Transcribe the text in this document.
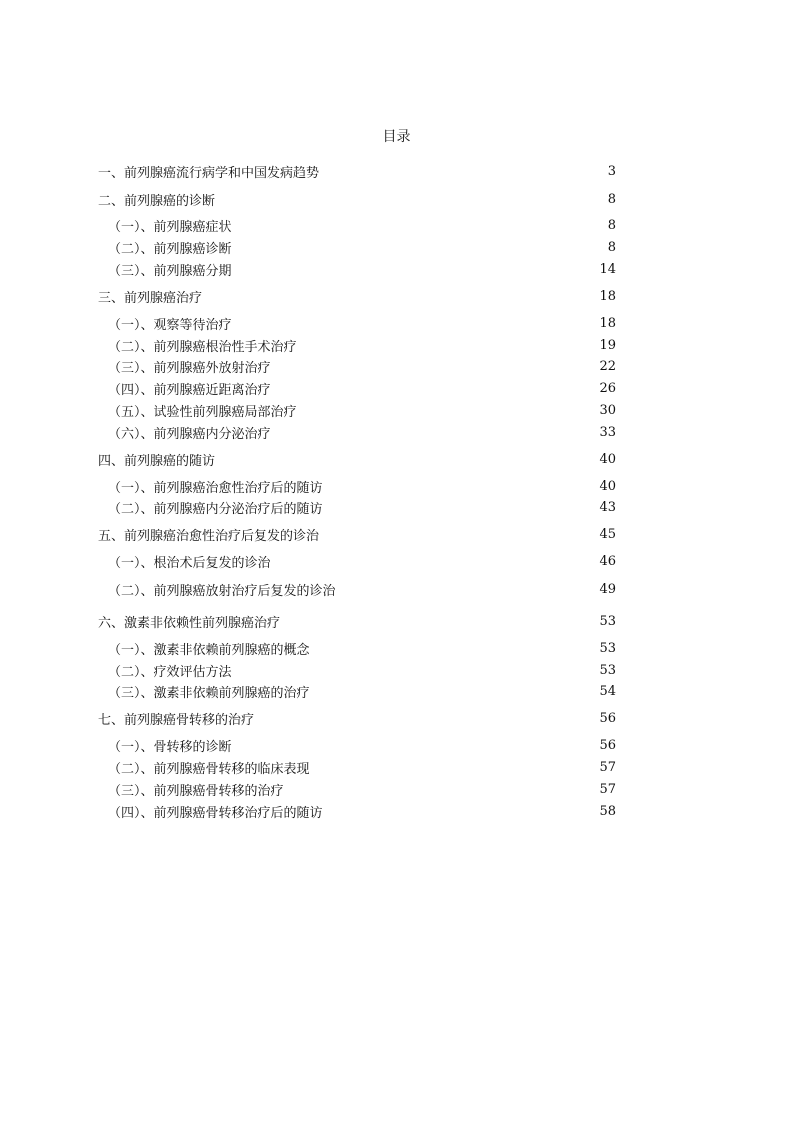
目录
一、前列腺癌流行病学和中国发病趋势	3
二、前列腺癌的诊断	8
（一）、前列腺癌症状	8
（二）、前列腺癌诊断	8
（三）、前列腺癌分期	14
三、前列腺癌治疗	18
（一）、观察等待治疗	18
（二）、前列腺癌根治性手术治疗	19
（三）、前列腺癌外放射治疗	22
（四）、前列腺癌近距离治疗	26
（五）、试验性前列腺癌局部治疗	30
（六）、前列腺癌内分泌治疗	33
四、前列腺癌的随访	40
（一）、前列腺癌治愈性治疗后的随访	40
（二）、前列腺癌内分泌治疗后的随访	43
五、前列腺癌治愈性治疗后复发的诊治	45
（一）、根治术后复发的诊治	46
（二）、前列腺癌放射治疗后复发的诊治	49
六、激素非依赖性前列腺癌治疗	53
（一）、激素非依赖前列腺癌的概念	53
（二）、疗效评估方法	53
（三）、激素非依赖前列腺癌的治疗	54
七、前列腺癌骨转移的治疗	56
（一）、骨转移的诊断	56
（二）、前列腺癌骨转移的临床表现	57
（三）、前列腺癌骨转移的治疗	57
（四）、前列腺癌骨转移治疗后的随访	58
